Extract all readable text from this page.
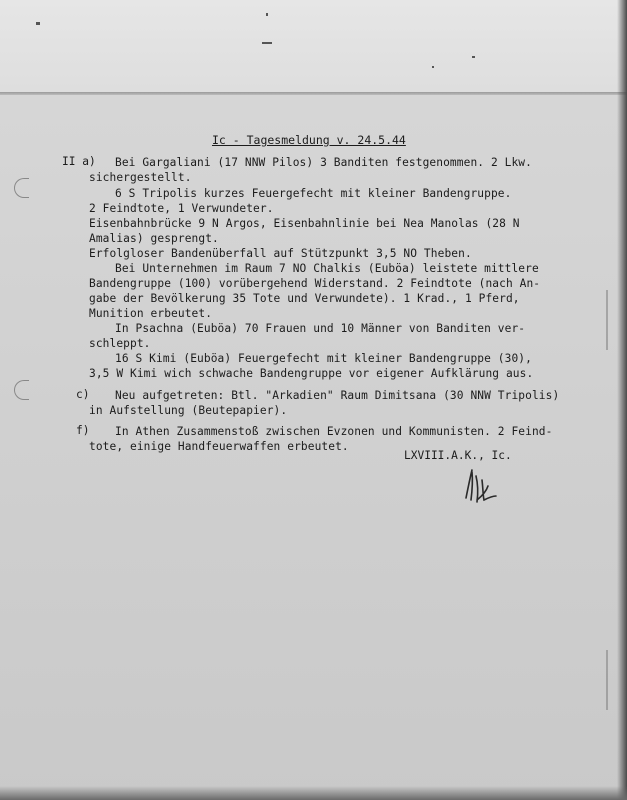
Ic - Tagesmeldung v. 24.5.44
II a) Bei Gargaliani (17 NNW Pilos) 3 Banditen festgenommen. 2 Lkw.
sichergestellt.
6 S Tripolis kurzes Feuergefecht mit kleiner Bandengruppe.
2 Feindtote, 1 Verwundeter.
Eisenbahnbrücke 9 N Argos, Eisenbahnlinie bei Nea Manolas (28 N
Amalias) gesprengt.
Erfolgloser Bandenüberfall auf Stützpunkt 3,5 NO Theben.
Bei Unternehmen im Raum 7 NO Chalkis (Euböa) leistete mittlere
Bandengruppe (100) vorübergehend Widerstand. 2 Feindtote (nach An-
gabe der Bevölkerung 35 Tote und Verwundete). 1 Krad., 1 Pferd,
Munition erbeutet.
In Psachna (Euböa) 70 Frauen und 10 Männer von Banditen ver-
schleppt.
16 S Kimi (Euböa) Feuergefecht mit kleiner Bandengruppe (30),
3,5 W Kimi wich schwache Bandengruppe vor eigener Aufklärung aus.
c) Neu aufgetreten: Btl. "Arkadien" Raum Dimitsana (30 NNW Tripolis)
in Aufstellung (Beutepapier).
f) In Athen Zusammenstoß zwischen Evzonen und Kommunisten. 2 Feind-
tote, einige Handfeuerwaffen erbeutet.
LXVIII.A.K., Ic.
